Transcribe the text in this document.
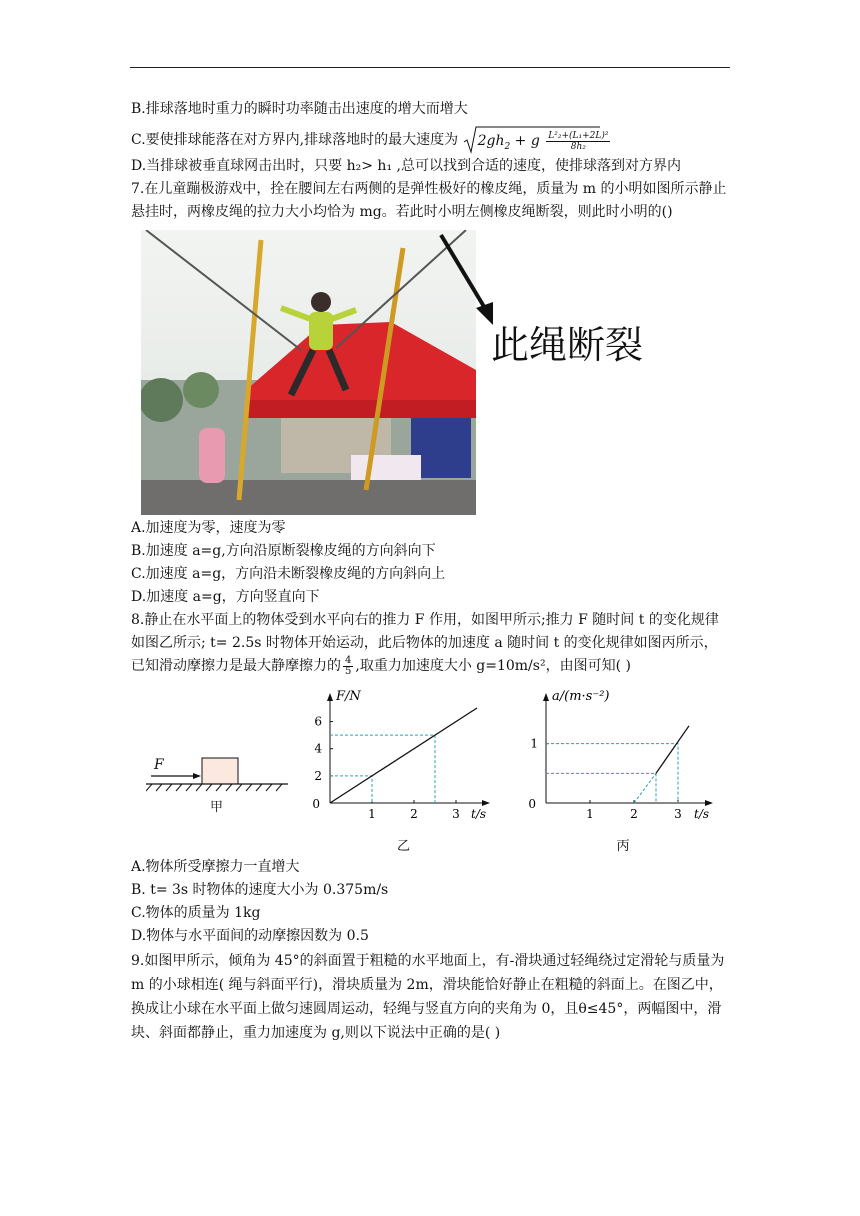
B.排球落地时重力的瞬时功率随击出速度的增大而增大
C.要使排球能落在对方界内,排球落地时的最大速度为 $2gh_2 + g \frac{\text{L²₂+(L₁+2L)²}}{\text{8h₂}}$
D.当排球被垂直球网击出时，只要 h₂> h₁ ,总可以找到合适的速度，使排球落到对方界内
7.在儿童蹦极游戏中，拴在腰间左右两侧的是弹性极好的橡皮绳，质量为 m 的小明如图所示静止悬挂时，两橡皮绳的拉力大小均恰为 mg。若此时小明左侧橡皮绳断裂，则此时小明的()
此绳断裂
A.加速度为零，速度为零
B.加速度 a=g,方向沿原断裂橡皮绳的方向斜向下
C.加速度 a=g，方向沿未断裂橡皮绳的方向斜向上
D.加速度 a=g，方向竖直向下
8.静止在水平面上的物体受到水平向右的推力 F 作用，如图甲所示;推力 F 随时间 t 的变化规律如图乙所示; t= 2.5s 时物体开始运动，此后物体的加速度 a 随时间 t 的变化规律如图丙所示，已知滑动摩擦力是最大静摩擦力的 $\frac{4}{5}$ ,取重力加速度大小 g=10m/s²，由图可知( )
F
甲	1	2	3
2
4
6
0
F/N
t/s
乙
1	2	3
1
0
a/(m·s⁻²)
t/s
丙
A.物体所受摩擦力一直增大
B. t= 3s 时物体的速度大小为 0.375m/s
C.物体的质量为 1kg
D.物体与水平面间的动摩擦因数为 0.5
9.如图甲所示，倾角为 45°的斜面置于粗糙的水平地面上，有-滑块通过轻绳绕过定滑轮与质量为 m 的小球相连( 绳与斜面平行)，滑块质量为 2m，滑块能恰好静止在粗糙的斜面上。在图乙中，换成让小球在水平面上做匀速圆周运动，轻绳与竖直方向的夹角为 0，且θ≤45°，两幅图中，滑块、斜面都静止，重力加速度为 g,则以下说法中正确的是( )
